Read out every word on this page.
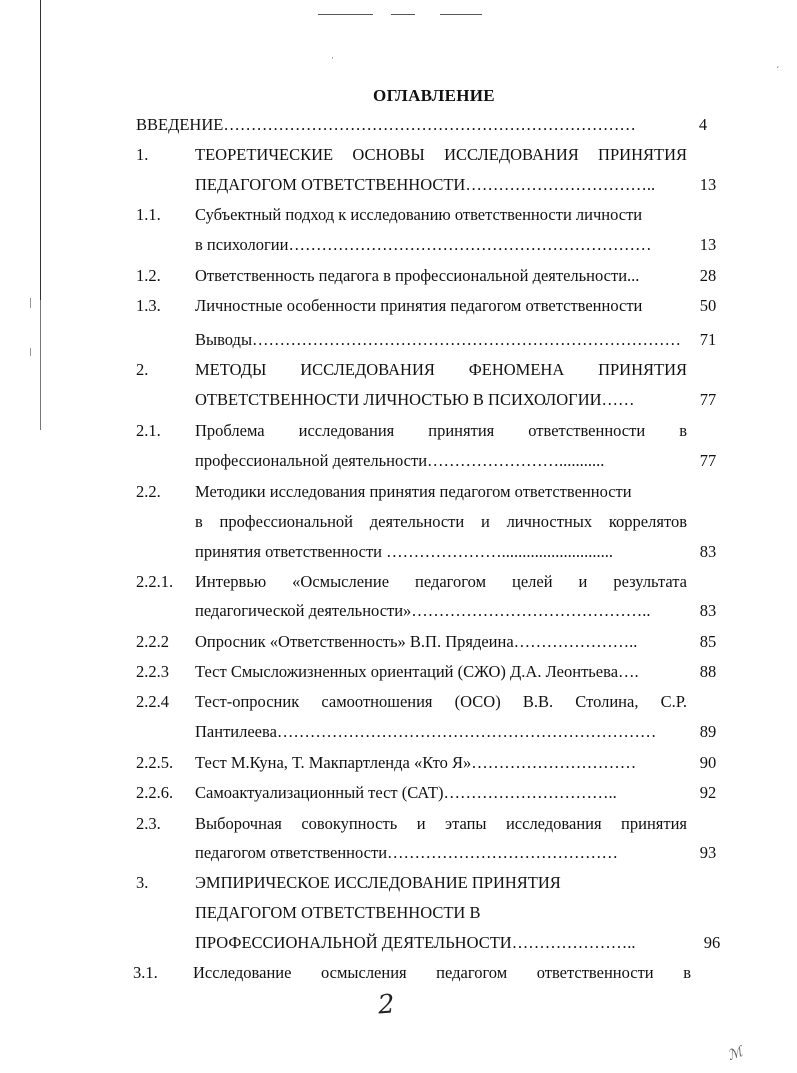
ˌ
ˊ
ОГЛАВЛЕНИЕ
ВВЕДЕНИЕ…………………………………………………………………	4
1.	ТЕОРЕТИЧЕСКИЕ ОСНОВЫ ИССЛЕДОВАНИЯ ПРИНЯТИЯ
ПЕДАГОГОМ ОТВЕТСТВЕННОСТИ……………………………..	13
1.1. Субъектный подход к исследованию ответственности личности
в психологии…………………………………………………………	13
1.2. Ответственность педагога в профессиональной деятельности...	28
1.3. Личностные особенности принятия педагогом ответственности	50
Выводы……………………………………………………………………	71
2.	МЕТОДЫ ИССЛЕДОВАНИЯ ФЕНОМЕНА ПРИНЯТИЯ
ОТВЕТСТВЕННОСТИ ЛИЧНОСТЬЮ В ПСИХОЛОГИИ……	77
2.1. Проблема исследования принятия ответственности в
профессиональной деятельности……………………...........	77
2.2. Методики исследования принятия педагогом ответственности
в профессиональной деятельности и личностных коррелятов
принятия ответственности …………………...........................	83
2.2.1. Интервью «Осмысление педагогом целей и результата
педагогической деятельности»……………………………………..	83
2.2.2 Опросник «Ответственность» В.П. Прядеина…………………..	85
2.2.3 Тест Смысложизненных ориентаций (СЖО) Д.А. Леонтьева….	88
2.2.4 Тест-опросник самоотношения (ОСО) В.В. Столина, С.Р.
Пантилеева……………………………………………………………	89
2.2.5. Тест М.Куна, Т. Макпартленда «Кто Я»…………………………	90
2.2.6. Самоактуализационный тест (САТ)…………………………..	92
2.3. Выборочная совокупность и этапы исследования принятия
педагогом ответственности……………………………………	93
3.	ЭМПИРИЧЕСКОЕ ИССЛЕДОВАНИЕ ПРИНЯТИЯ
ПЕДАГОГОМ ОТВЕТСТВЕННОСТИ В
ПРОФЕССИОНАЛЬНОЙ ДЕЯТЕЛЬНОСТИ…………………..	96
3.1. Исследование осмысления педагогом ответственности в
2
ℳ
